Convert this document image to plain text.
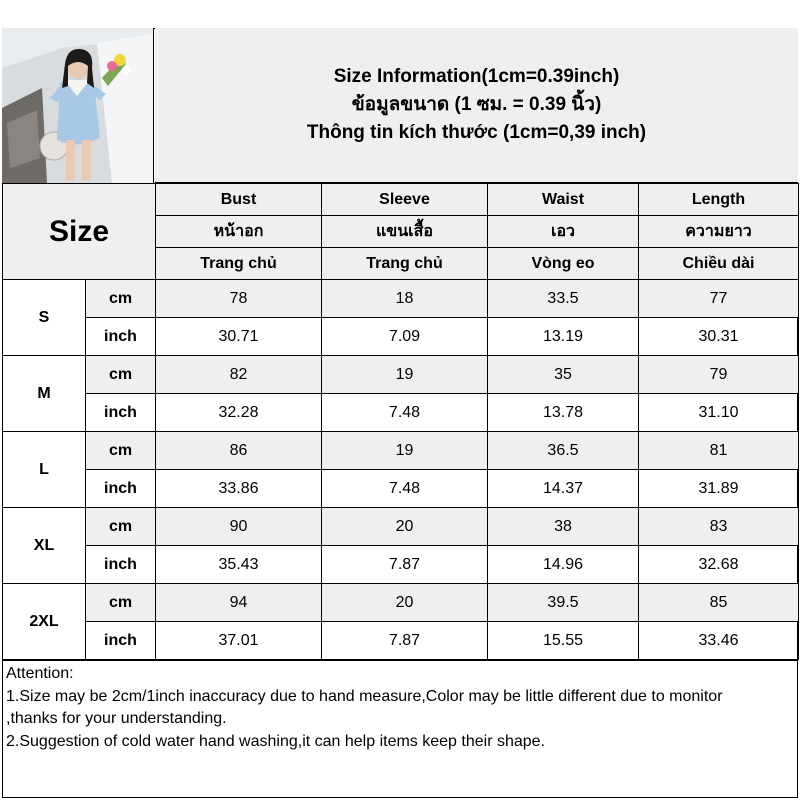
Size Information(1cm=0.39inch)
ข้อมูลขนาด (1 ซม. = 0.39 นิ้ว)
Thông tin kích thước (1cm=0,39 inch)
Size		Bust	Sleeve	Waist	Length
		หน้าอก	แขนเสื้อ	เอว	ความยาว
		Trang chủ	Trang chủ	Vòng eo	Chiều dài
S	cm	78	18	33.5	77
	inch	30.71	7.09	13.19	30.31
M	cm	82	19	35	79
	inch	32.28	7.48	13.78	31.10
L	cm	86	19	36.5	81
	inch	33.86	7.48	14.37	31.89
XL	cm	90	20	38	83
	inch	35.43	7.87	14.96	32.68
2XL	cm	94	20	39.5	85
	inch	37.01	7.87	15.55	33.46
Attention:
1.Size may be 2cm/1inch inaccuracy due to hand measure,Color may be little different due to monitor
,thanks for your understanding.
2.Suggestion of cold water hand washing,it can help items keep their shape.
